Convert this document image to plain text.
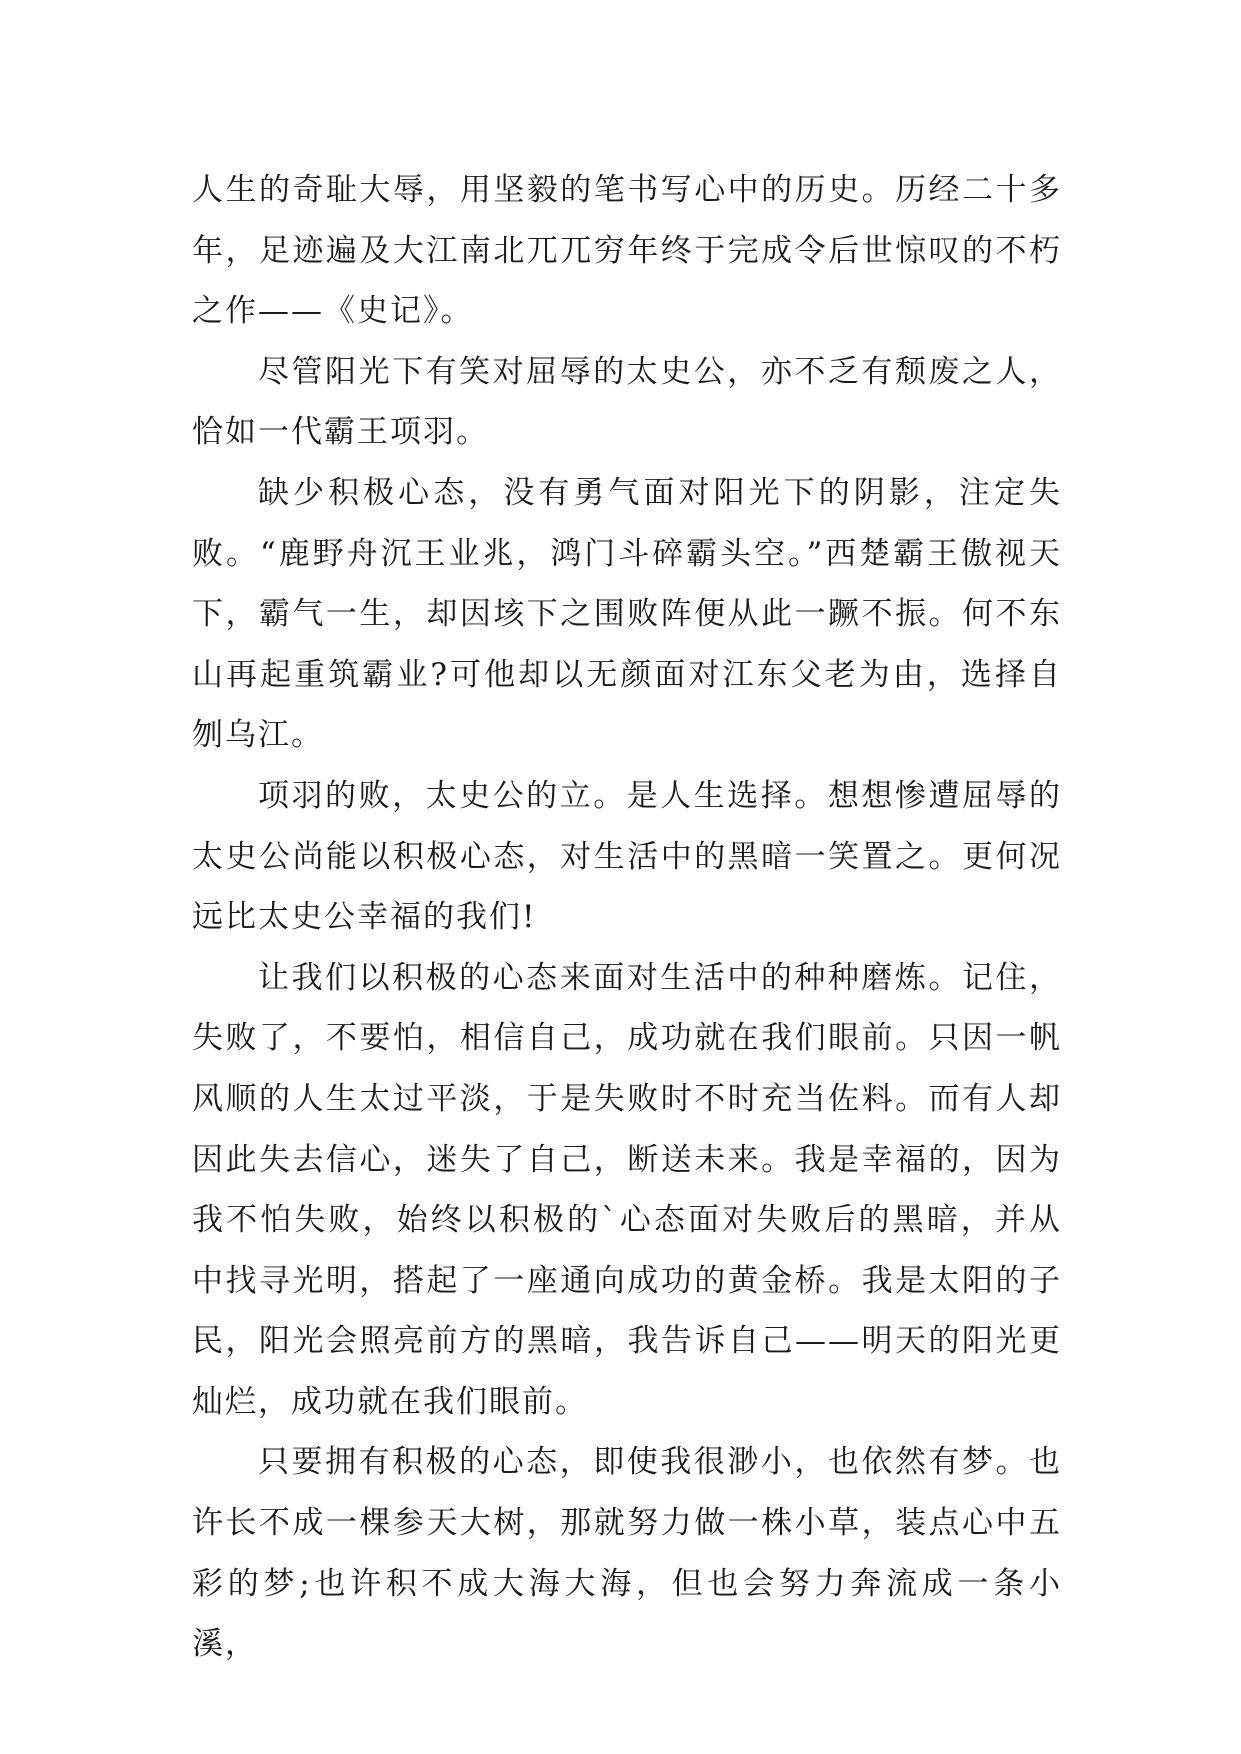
人生的奇耻大辱，用坚毅的笔书写心中的历史。历经二十多年，足迹遍及大江南北兀兀穷年终于完成令后世惊叹的不朽之作——《史记》。

尽管阳光下有笑对屈辱的太史公，亦不乏有颓废之人，恰如一代霸王项羽。

缺少积极心态，没有勇气面对阳光下的阴影，注定失败。“鹿野舟沉王业兆，鸿门斗碎霸头空。”西楚霸王傲视天下，霸气一生，却因垓下之围败阵便从此一蹶不振。何不东山再起重筑霸业?可他却以无颜面对江东父老为由，选择自刎乌江。

项羽的败，太史公的立。是人生选择。想想惨遭屈辱的太史公尚能以积极心态，对生活中的黑暗一笑置之。更何况远比太史公幸福的我们!

让我们以积极的心态来面对生活中的种种磨炼。记住，失败了，不要怕，相信自己，成功就在我们眼前。只因一帆风顺的人生太过平淡，于是失败时不时充当佐料。而有人却因此失去信心，迷失了自己，断送未来。我是幸福的，因为我不怕失败，始终以积极的`心态面对失败后的黑暗，并从中找寻光明，搭起了一座通向成功的黄金桥。我是太阳的子民，阳光会照亮前方的黑暗，我告诉自己——明天的阳光更灿烂，成功就在我们眼前。

只要拥有积极的心态，即使我很渺小，也依然有梦。也许长不成一棵参天大树，那就努力做一株小草，装点心中五彩的梦;也许积不成大海大海，但也会努力奔流成一条小溪，
